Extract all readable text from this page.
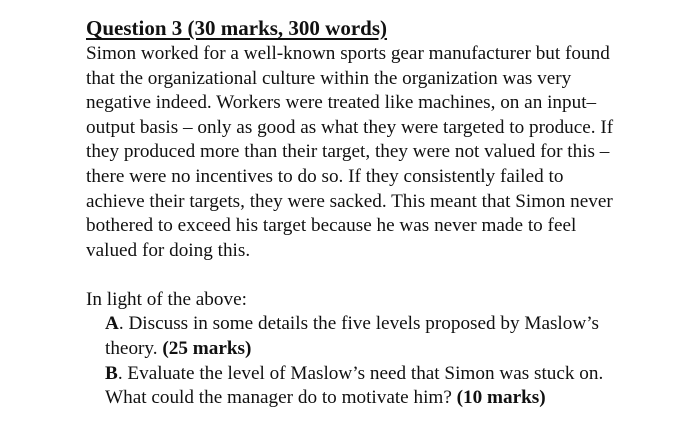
Question 3 (30 marks, 300 words)
Simon worked for a well-known sports gear manufacturer but found
that the organizational culture within the organization was very
negative indeed. Workers were treated like machines, on an input–
output basis – only as good as what they were targeted to produce. If
they produced more than their target, they were not valued for this –
there were no incentives to do so. If they consistently failed to
achieve their targets, they were sacked. This meant that Simon never
bothered to exceed his target because he was never made to feel
valued for doing this.
In light of the above:
A. Discuss in some details the five levels proposed by Maslow’s
theory. (25 marks)
B. Evaluate the level of Maslow’s need that Simon was stuck on.
What could the manager do to motivate him? (10 marks)
